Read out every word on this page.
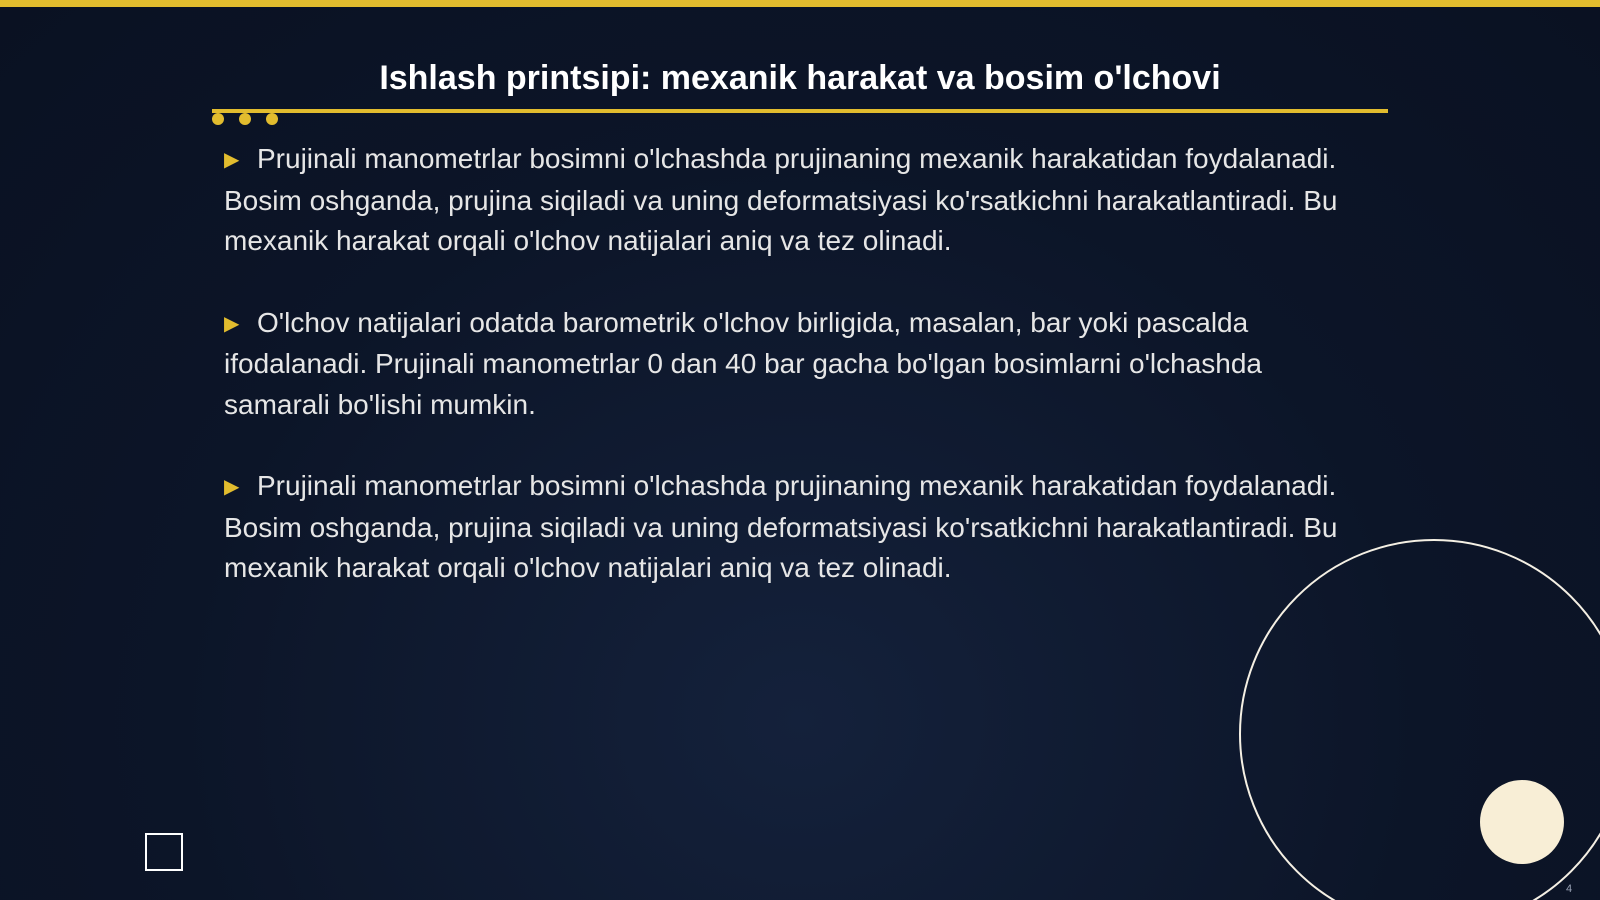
Ishlash printsipi: mexanik harakat va bosim o'lchovi

▶ Prujinali manometrlar bosimni o'lchashda prujinaning mexanik harakatidan foydalanadi. Bosim oshganda, prujina siqiladi va uning deformatsiyasi ko'rsatkichni harakatlantiradi. Bu mexanik harakat orqali o'lchov natijalari aniq va tez olinadi.

▶ O'lchov natijalari odatda barometrik o'lchov birligida, masalan, bar yoki pascalda ifodalanadi. Prujinali manometrlar 0 dan 40 bar gacha bo'lgan bosimlarni o'lchashda samarali bo'lishi mumkin.

▶ Prujinali manometrlar bosimni o'lchashda prujinaning mexanik harakatidan foydalanadi. Bosim oshganda, prujina siqiladi va uning deformatsiyasi ko'rsatkichni harakatlantiradi. Bu mexanik harakat orqali o'lchov natijalari aniq va tez olinadi.

4
